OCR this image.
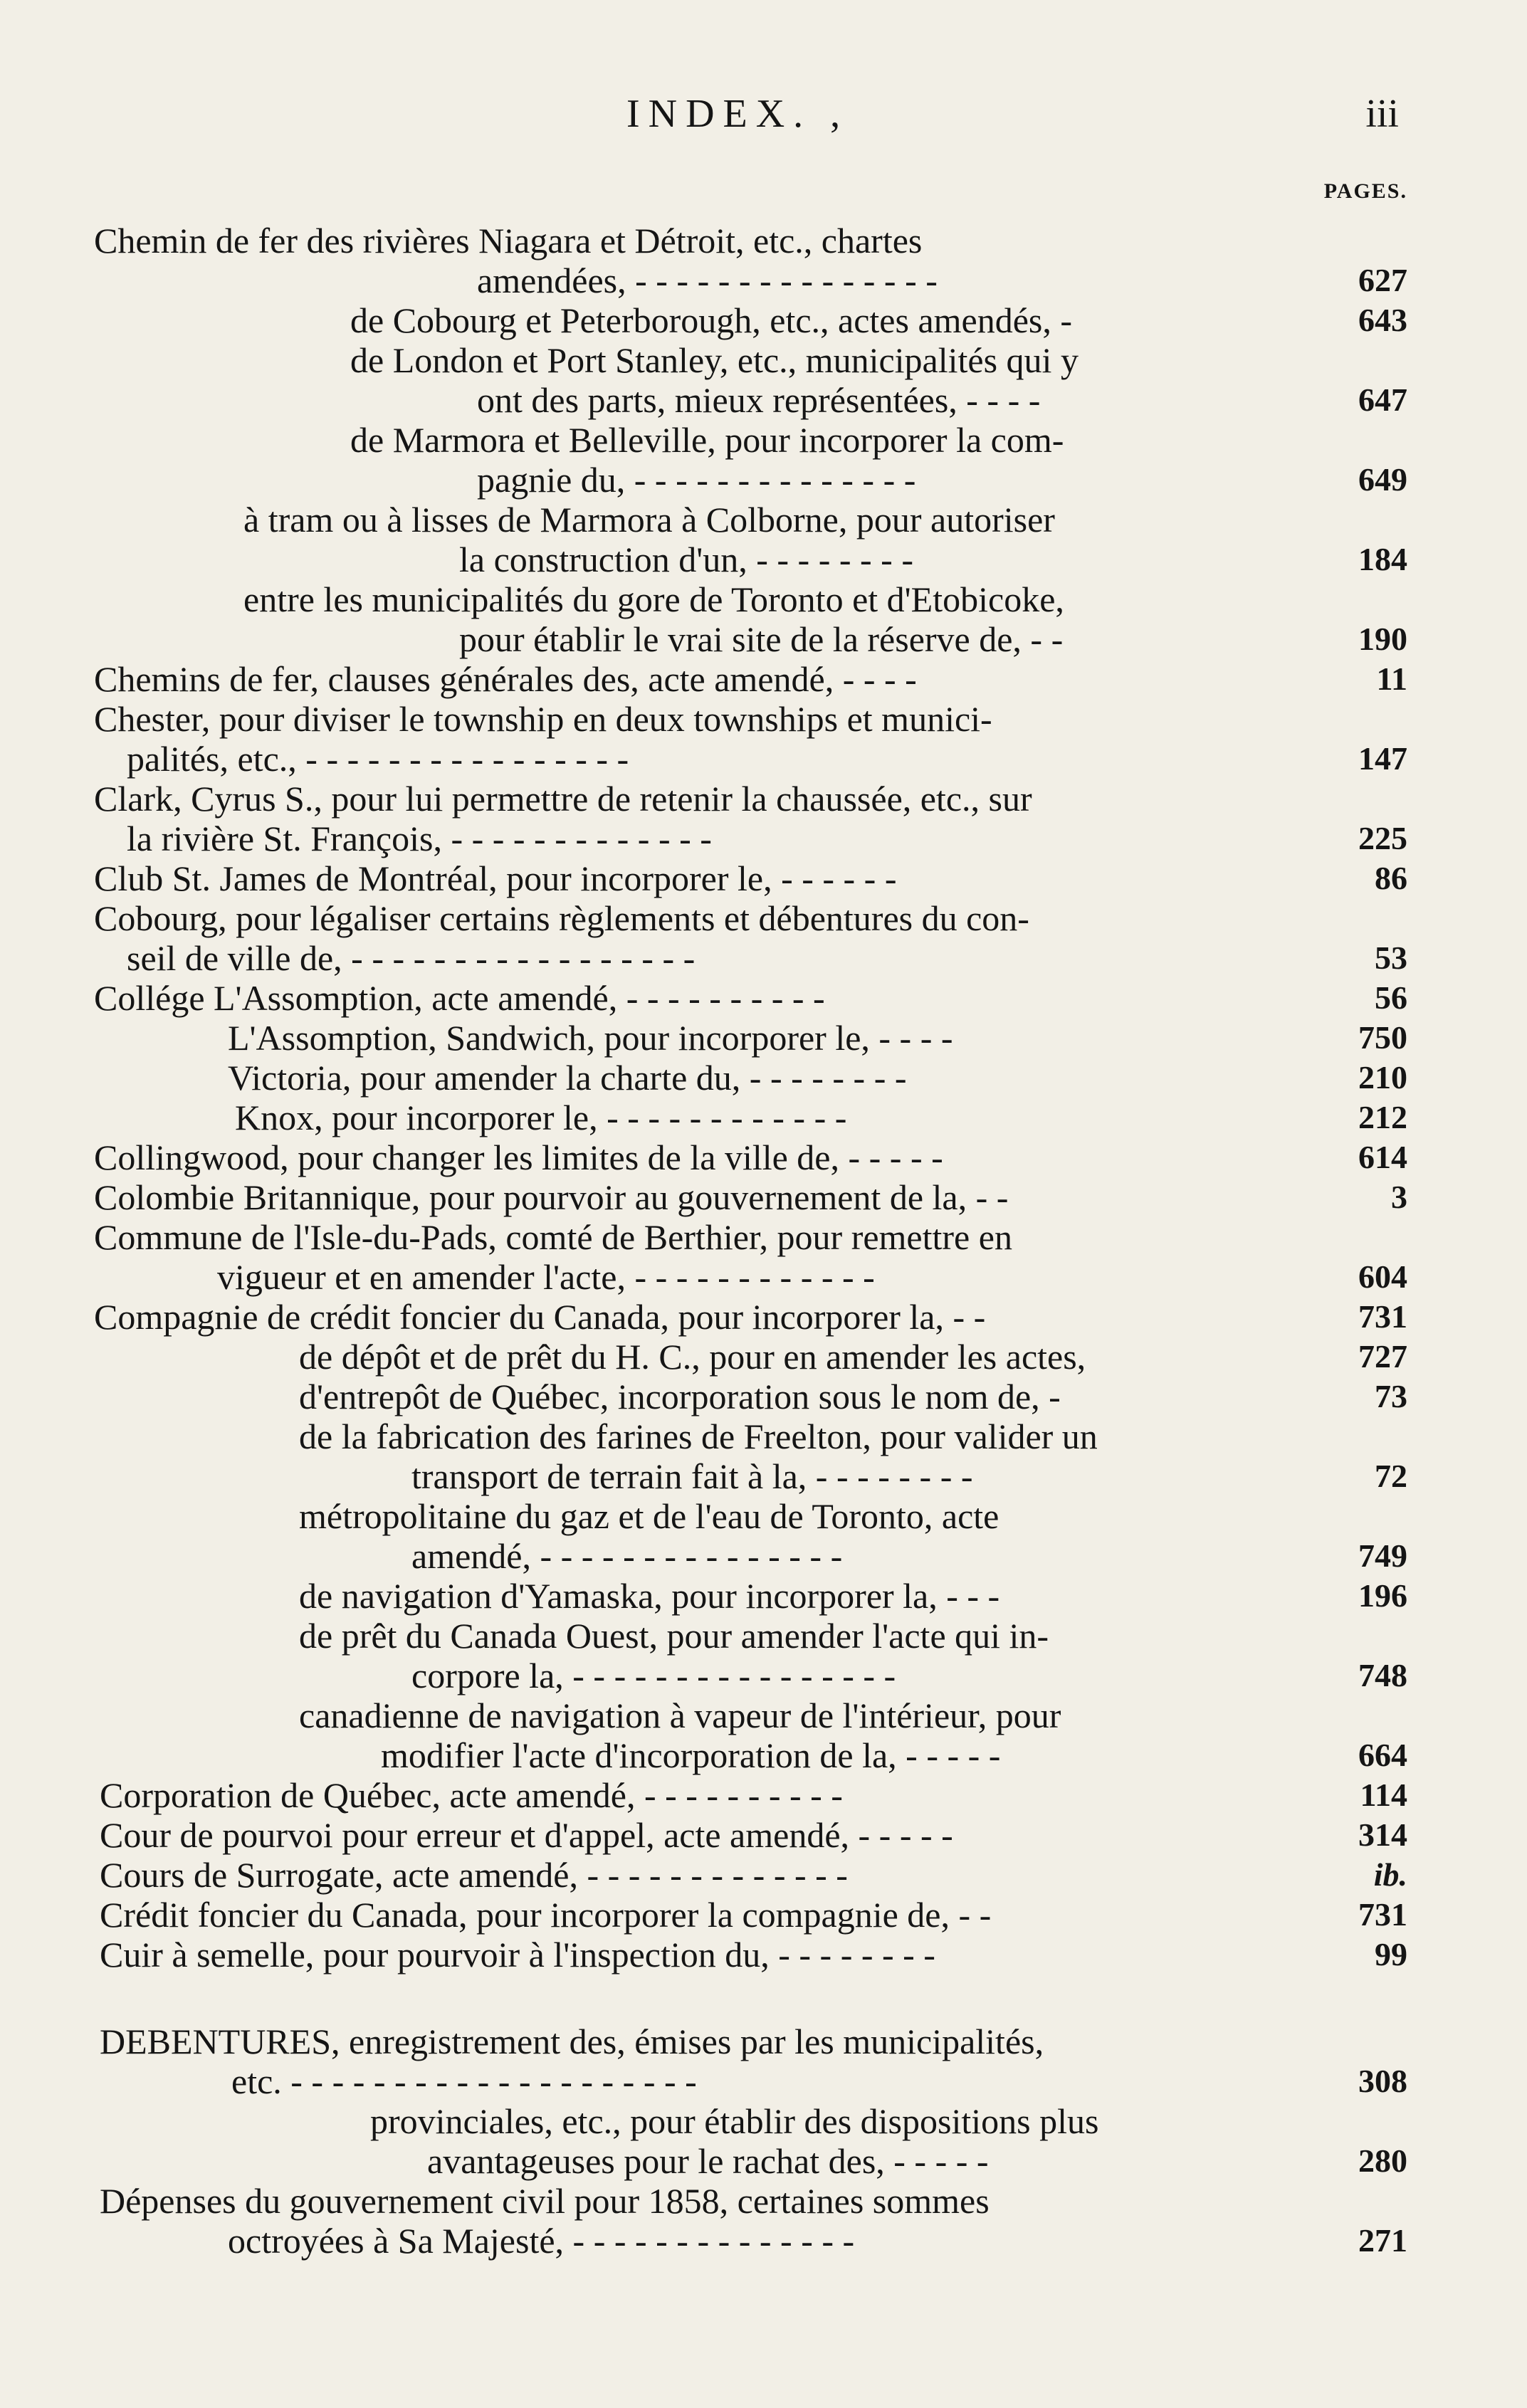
INDEX. ,	iii
PAGES.
Chemin de fer des rivières Niagara et Détroit, etc., chartes
amendées, - - - - - - - - - - - - - - -	627
de Cobourg et Peterborough, etc., actes amendés, -	643
de London et Port Stanley, etc., municipalités qui y
ont des parts, mieux représentées, - - - -	647
de Marmora et Belleville, pour incorporer la com-
pagnie du, - - - - - - - - - - - - - -	649
à tram ou à lisses de Marmora à Colborne, pour autoriser
la construction d'un, - - - - - - - -	184
entre les municipalités du gore de Toronto et d'Etobicoke,
pour établir le vrai site de la réserve de, - -	190
Chemins de fer, clauses générales des, acte amendé, - - - -	11
Chester, pour diviser le township en deux townships et munici-
palités, etc., - - - - - - - - - - - - - - - -	147
Clark, Cyrus S., pour lui permettre de retenir la chaussée, etc., sur
la rivière St. François, - - - - - - - - - - - - -	225
Club St. James de Montréal, pour incorporer le, - - - - - -	86
Cobourg, pour légaliser certains règlements et débentures du con-
seil de ville de, - - - - - - - - - - - - - - - - -	53
Collége L'Assomption, acte amendé, - - - - - - - - - -	56
L'Assomption, Sandwich, pour incorporer le, - - - -	750
Victoria, pour amender la charte du, - - - - - - - -	210
Knox, pour incorporer le, - - - - - - - - - - - -	212
Collingwood, pour changer les limites de la ville de, - - - - -	614
Colombie Britannique, pour pourvoir au gouvernement de la, - -	3
Commune de l'Isle-du-Pads, comté de Berthier, pour remettre en
vigueur et en amender l'acte, - - - - - - - - - - - -	604
Compagnie de crédit foncier du Canada, pour incorporer la, - -	731
de dépôt et de prêt du H. C., pour en amender les actes,	727
d'entrepôt de Québec, incorporation sous le nom de, -	73
de la fabrication des farines de Freelton, pour valider un
transport de terrain fait à la, - - - - - - - -	72
métropolitaine du gaz et de l'eau de Toronto, acte
amendé, - - - - - - - - - - - - - - -	749
de navigation d'Yamaska, pour incorporer la, - - -	196
de prêt du Canada Ouest, pour amender l'acte qui in-
corpore la, - - - - - - - - - - - - - - - -	748
canadienne de navigation à vapeur de l'intérieur, pour
modifier l'acte d'incorporation de la, - - - - -	664
Corporation de Québec, acte amendé, - - - - - - - - - -	114
Cour de pourvoi pour erreur et d'appel, acte amendé, - - - - -	314
Cours de Surrogate, acte amendé, - - - - - - - - - - - - -	ib.
Crédit foncier du Canada, pour incorporer la compagnie de, - -	731
Cuir à semelle, pour pourvoir à l'inspection du, - - - - - - - -	99
DEBENTURES, enregistrement des, émises par les municipalités,
etc. - - - - - - - - - - - - - - - - - - - -	308
provinciales, etc., pour établir des dispositions plus
avantageuses pour le rachat des, - - - - -	280
Dépenses du gouvernement civil pour 1858, certaines sommes
octroyées à Sa Majesté, - - - - - - - - - - - - - -	271
